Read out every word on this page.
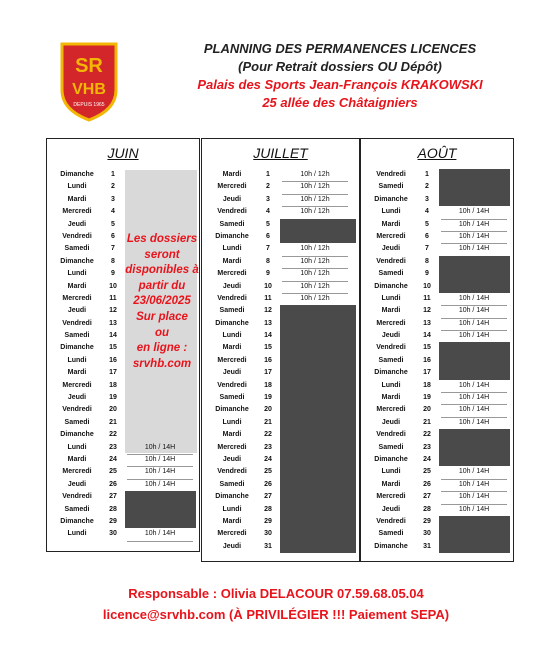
SR
VHB
DEPUIS 1965
PLANNING DES PERMANENCES LICENCES
(Pour Retrait dossiers OU Dépôt)
Palais des Sports Jean-François KRAKOWSKI
25 allée des Châtaigniers
JUIN
Dimanche	1
Lundi	2
Mardi	3
Mercredi	4
Jeudi	5
Vendredi	6
Samedi	7
Dimanche	8
Lundi	9
Mardi	10
Mercredi	11
Jeudi	12
Vendredi	13
Samedi	14
Dimanche	15
Lundi	16
Mardi	17
Mercredi	18
Jeudi	19
Vendredi	20
Samedi	21
Dimanche	22
Lundi	23	10h / 14H
Mardi	24	10h / 14H
Mercredi	25	10h / 14H
Jeudi	26	10h / 14H
Vendredi	27
Samedi	28
Dimanche	29
Lundi	30	10h / 14H
JUILLET
Mardi	1	10h / 12h
Mercredi	2	10h / 12h
Jeudi	3	10h / 12h
Vendredi	4	10h / 12h
Samedi	5
Dimanche	6
Lundi	7	10h / 12h
Mardi	8	10h / 12h
Mercredi	9	10h / 12h
Jeudi	10	10h / 12h
Vendredi	11	10h / 12h
Samedi	12
Dimanche	13
Lundi	14
Mardi	15
Mercredi	16
Jeudi	17
Vendredi	18
Samedi	19
Dimanche	20
Lundi	21
Mardi	22
Mercredi	23
Jeudi	24
Vendredi	25
Samedi	26
Dimanche	27
Lundi	28
Mardi	29
Mercredi	30
Jeudi	31
AOÛT
Vendredi	1
Samedi	2
Dimanche	3
Lundi	4	10h / 14H
Mardi	5	10h / 14H
Mercredi	6	10h / 14H
Jeudi	7	10h / 14H
Vendredi	8
Samedi	9
Dimanche	10
Lundi	11	10h / 14H
Mardi	12	10h / 14H
Mercredi	13	10h / 14H
Jeudi	14	10h / 14H
Vendredi	15
Samedi	16
Dimanche	17
Lundi	18	10h / 14H
Mardi	19	10h / 14H
Mercredi	20	10h / 14H
Jeudi	21	10h / 14H
Vendredi	22
Samedi	23
Dimanche	24
Lundi	25	10h / 14H
Mardi	26	10h / 14H
Mercredi	27	10h / 14H
Jeudi	28	10h / 14H
Vendredi	29
Samedi	30
Dimanche	31
Les dossiers
seront
disponibles à
partir du
23/06/2025
Sur place
ou
en ligne :
srvhb.com
Responsable : Olivia DELACOUR 07.59.68.05.04
licence@srvhb.com (À PRIVILÉGIER !!! Paiement SEPA)
